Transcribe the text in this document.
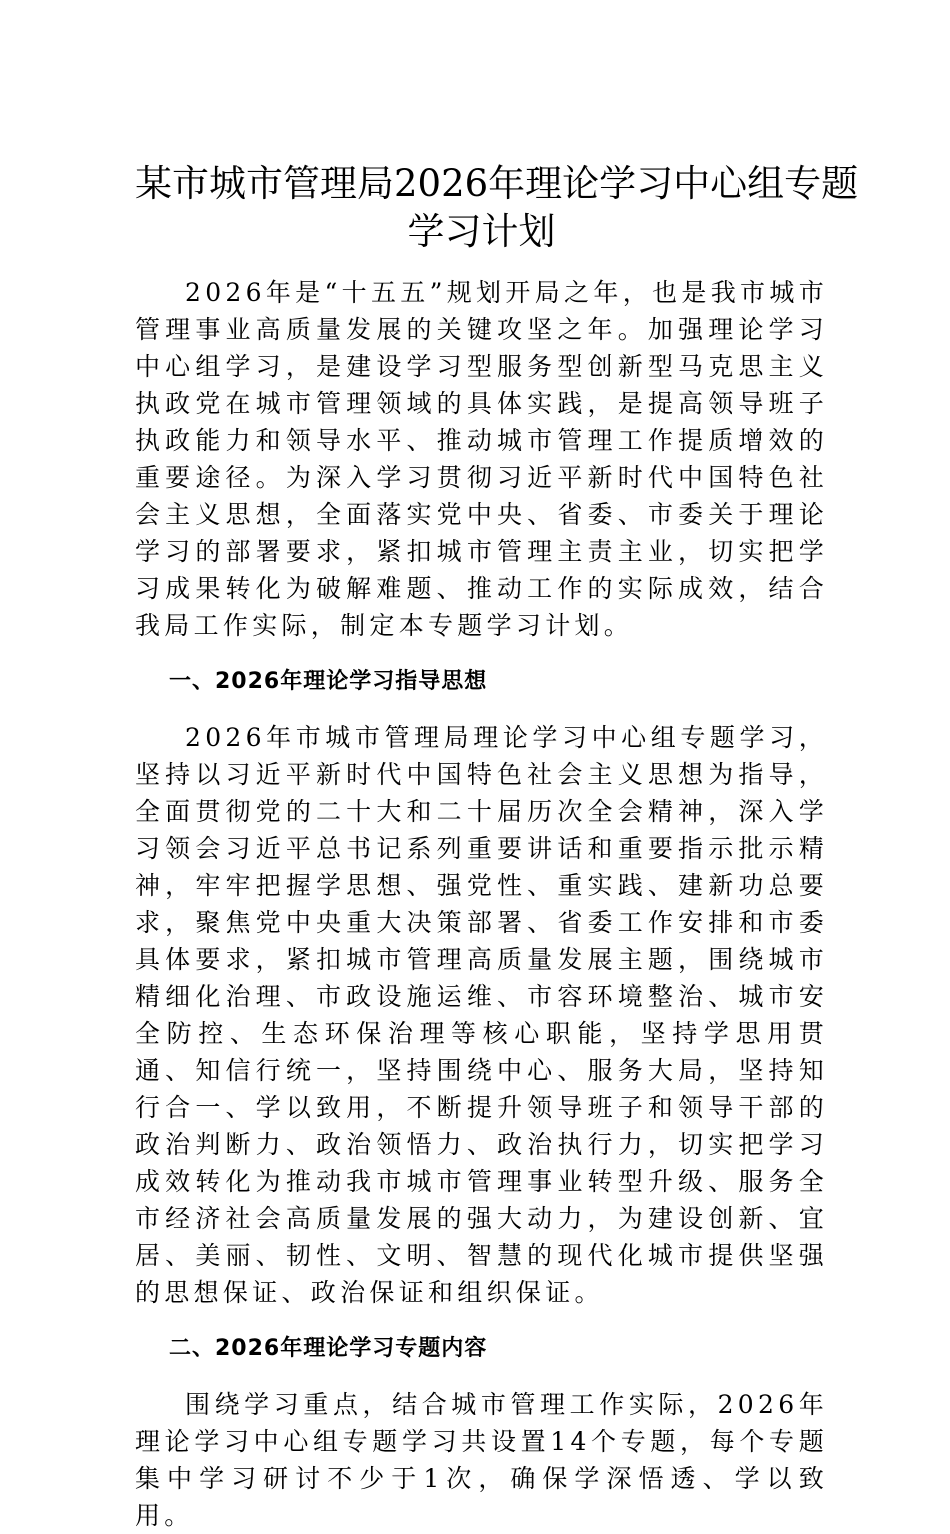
某市城市管理局2026年理论学习中心组专题
学习计划

2026年是“十五五”规划开局之年，也是我市城市管理事业高质量发展的关键攻坚之年。加强理论学习中心组学习，是建设学习型服务型创新型马克思主义执政党在城市管理领域的具体实践，是提高领导班子执政能力和领导水平、推动城市管理工作提质增效的重要途径。为深入学习贯彻习近平新时代中国特色社会主义思想，全面落实党中央、省委、市委关于理论学习的部署要求，紧扣城市管理主责主业，切实把学习成果转化为破解难题、推动工作的实际成效，结合我局工作实际，制定本专题学习计划。

一、2026年理论学习指导思想

2026年市城市管理局理论学习中心组专题学习，坚持以习近平新时代中国特色社会主义思想为指导，全面贯彻党的二十大和二十届历次全会精神，深入学习领会习近平总书记系列重要讲话和重要指示批示精神，牢牢把握学思想、强党性、重实践、建新功总要求，聚焦党中央重大决策部署、省委工作安排和市委具体要求，紧扣城市管理高质量发展主题，围绕城市精细化治理、市政设施运维、市容环境整治、城市安全防控、生态环保治理等核心职能，坚持学思用贯通、知信行统一，坚持围绕中心、服务大局，坚持知行合一、学以致用，不断提升领导班子和领导干部的政治判断力、政治领悟力、政治执行力，切实把学习成效转化为推动我市城市管理事业转型升级、服务全市经济社会高质量发展的强大动力，为建设创新、宜居、美丽、韧性、文明、智慧的现代化城市提供坚强的思想保证、政治保证和组织保证。

二、2026年理论学习专题内容

围绕学习重点，结合城市管理工作实际，2026年理论学习中心组专题学习共设置14个专题，每个专题集中学习研讨不少于1次，确保学深悟透、学以致用。
